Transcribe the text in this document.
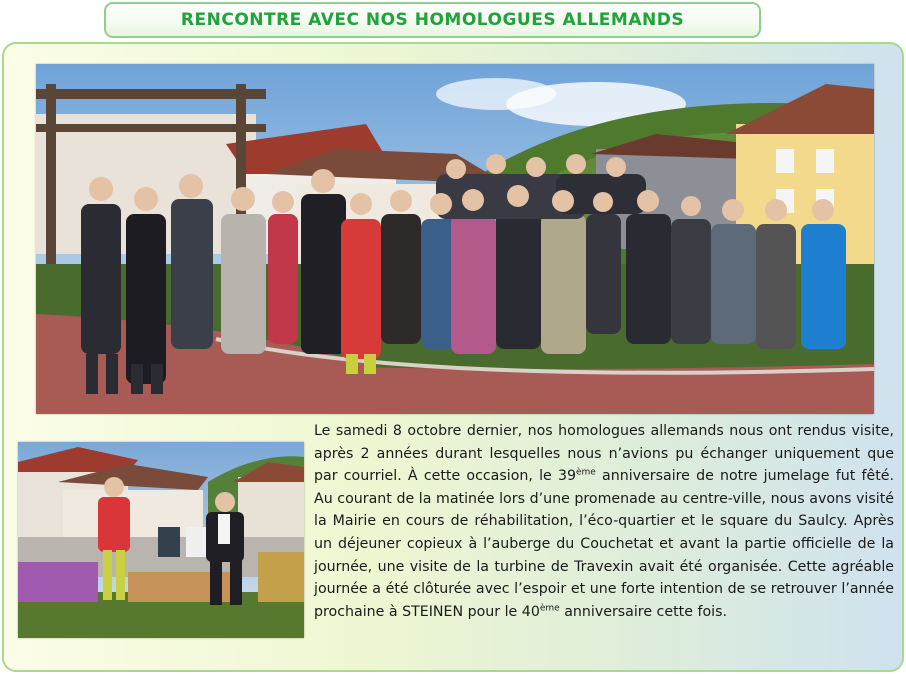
RENCONTRE AVEC NOS HOMOLOGUES ALLEMANDS

Le samedi 8 octobre dernier, nos homologues allemands nous ont rendus visite, après 2 années durant lesquelles nous n’avions pu échanger uniquement que par courriel. À cette occasion, le 39ème anniversaire de notre jumelage fut fêté. Au courant de la matinée lors d’une promenade au centre-ville, nous avons visité la Mairie en cours de réhabilitation, l’éco-quartier et le square du Saulcy. Après un déjeuner copieux à l’auberge du Couchetat et avant la partie officielle de la journée, une visite de la turbine de Travexin avait été organisée. Cette agréable journée a été clôturée avec l’espoir et une forte intention de se retrouver l’année prochaine à STEINEN pour le 40ème anniversaire cette fois.
